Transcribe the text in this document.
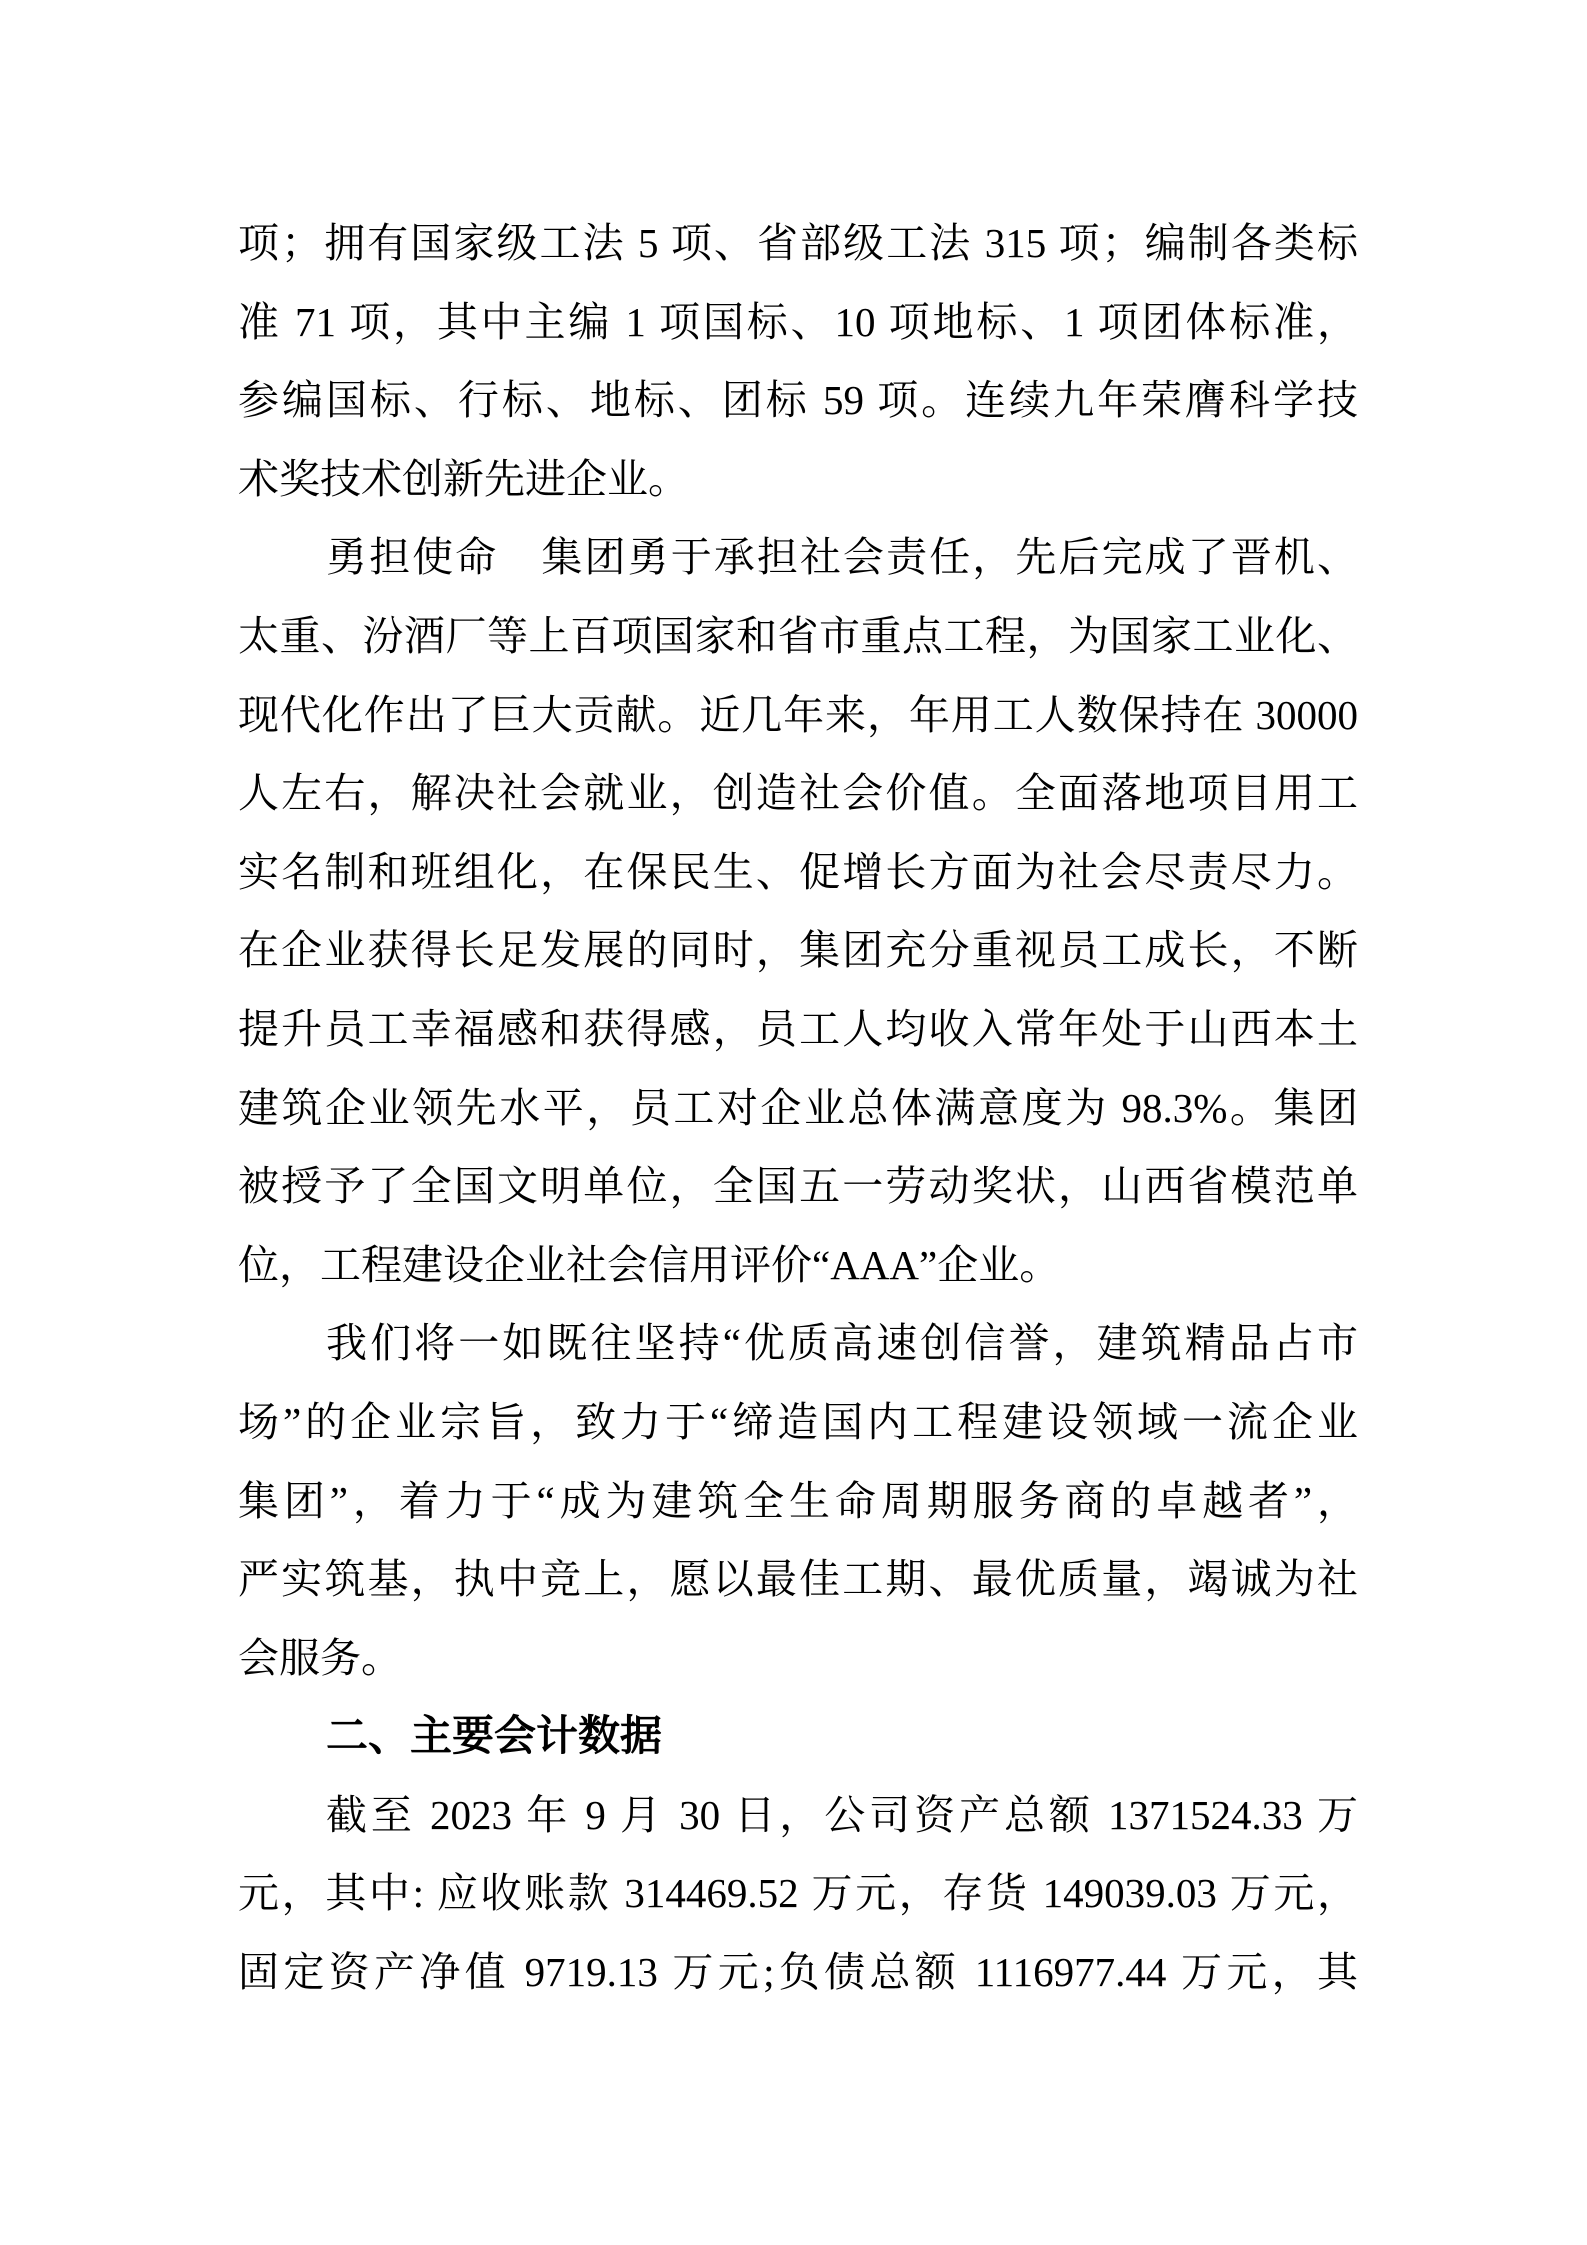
项；拥有国家级工法 5 项、省部级工法 315 项；编制各类标
准 71 项，其中主编 1 项国标、10 项地标、1 项团体标准，
参编国标、行标、地标、团标 59 项。连续九年荣膺科学技
术奖技术创新先进企业。
勇担使命　集团勇于承担社会责任，先后完成了晋机、
太重、汾酒厂等上百项国家和省市重点工程，为国家工业化、
现代化作出了巨大贡献。近几年来，年用工人数保持在 30000
人左右，解决社会就业，创造社会价值。全面落地项目用工
实名制和班组化，在保民生、促增长方面为社会尽责尽力。
在企业获得长足发展的同时，集团充分重视员工成长，不断
提升员工幸福感和获得感，员工人均收入常年处于山西本土
建筑企业领先水平，员工对企业总体满意度为 98.3%。集团
被授予了全国文明单位，全国五一劳动奖状，山西省模范单
位，工程建设企业社会信用评价“AAA”企业。
我们将一如既往坚持“优质高速创信誉，建筑精品占市
场”的企业宗旨，致力于“缔造国内工程建设领域一流企业
集团”，着力于“成为建筑全生命周期服务商的卓越者”，
严实筑基，执中竞上，愿以最佳工期、最优质量，竭诚为社
会服务。
二、主要会计数据
截至 2023 年 9 月 30 日，公司资产总额 1371524.33 万
元，其中: 应收账款 314469.52 万元，存货 149039.03 万元，
固定资产净值 9719.13 万元;负债总额 1116977.44 万元，其
